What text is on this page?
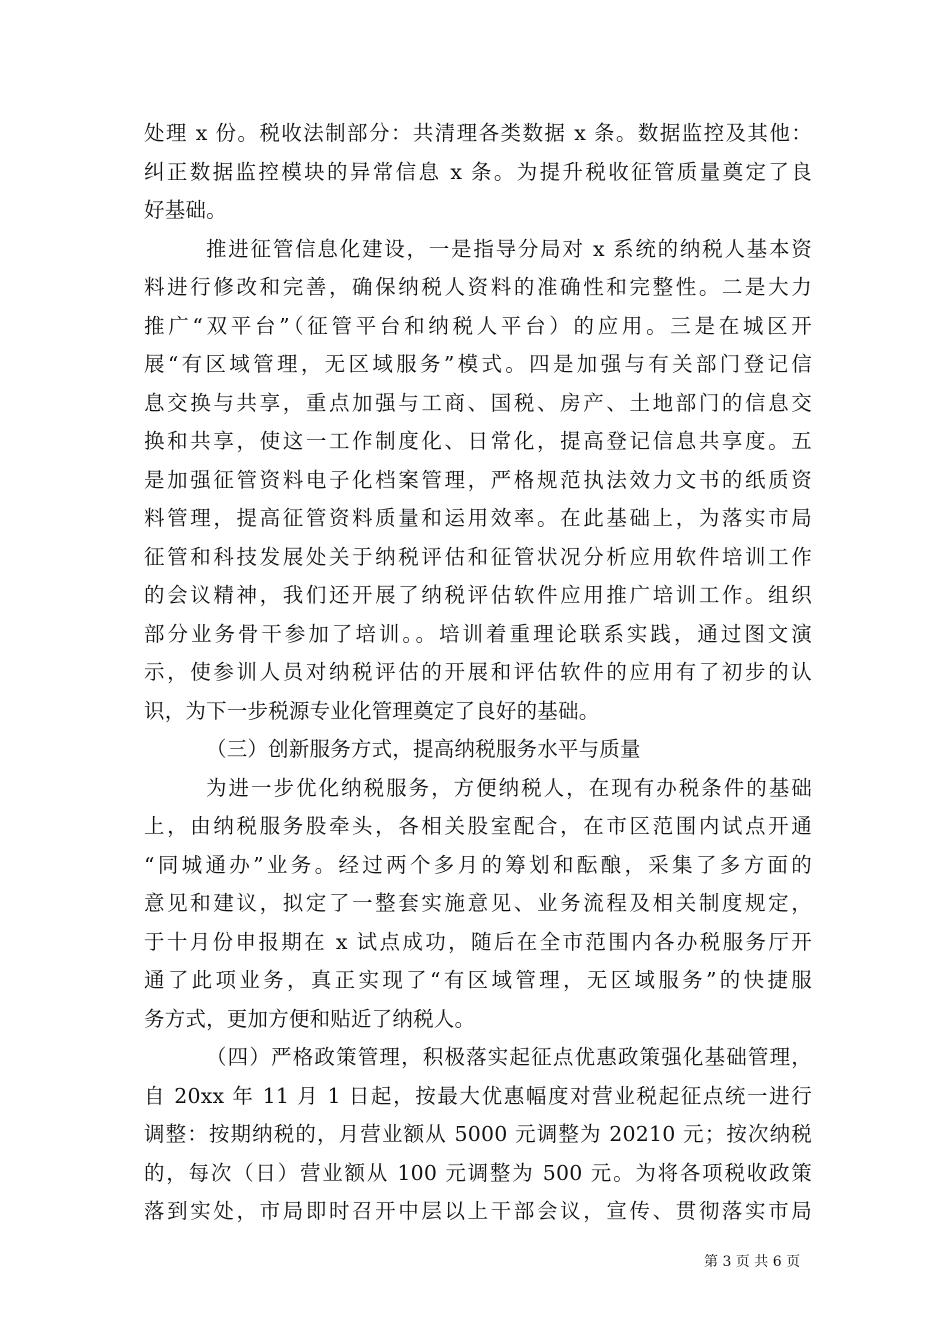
处理 x 份。税收法制部分：共清理各类数据 x 条。数据监控及其他：
纠正数据监控模块的异常信息 x 条。为提升税收征管质量奠定了良
好基础。
推进征管信息化建设，一是指导分局对 x 系统的纳税人基本资
料进行修改和完善，确保纳税人资料的准确性和完整性。二是大力
推广“双平台”（征管平台和纳税人平台）的应用。三是在城区开
展“有区域管理，无区域服务”模式。四是加强与有关部门登记信
息交换与共享，重点加强与工商、国税、房产、土地部门的信息交
换和共享，使这一工作制度化、日常化，提高登记信息共享度。五
是加强征管资料电子化档案管理，严格规范执法效力文书的纸质资
料管理，提高征管资料质量和运用效率。在此基础上，为落实市局
征管和科技发展处关于纳税评估和征管状况分析应用软件培训工作
的会议精神，我们还开展了纳税评估软件应用推广培训工作。组织
部分业务骨干参加了培训。。培训着重理论联系实践，通过图文演
示，使参训人员对纳税评估的开展和评估软件的应用有了初步的认
识，为下一步税源专业化管理奠定了良好的基础。
（三）创新服务方式，提高纳税服务水平与质量
为进一步优化纳税服务，方便纳税人，在现有办税条件的基础
上，由纳税服务股牵头，各相关股室配合，在市区范围内试点开通
“同城通办”业务。经过两个多月的筹划和酝酿，采集了多方面的
意见和建议，拟定了一整套实施意见、业务流程及相关制度规定，
于十月份申报期在 x 试点成功，随后在全市范围内各办税服务厅开
通了此项业务，真正实现了“有区域管理，无区域服务”的快捷服
务方式，更加方便和贴近了纳税人。
（四）严格政策管理，积极落实起征点优惠政策强化基础管理，
自 20xx 年 11 月 1 日起，按最大优惠幅度对营业税起征点统一进行
调整：按期纳税的，月营业额从 5000 元调整为 20210 元；按次纳税
的，每次（日）营业额从 100 元调整为 500 元。为将各项税收政策
落到实处，市局即时召开中层以上干部会议，宣传、贯彻落实市局
第 3 页 共 6 页
